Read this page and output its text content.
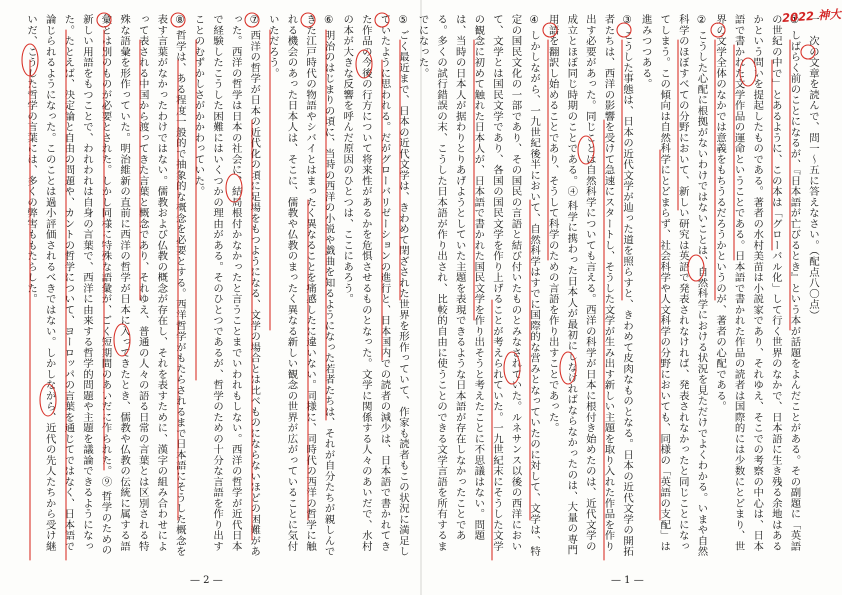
⑤ ごく最近まで、日本の近代文学は、きわめて閉ざされた世界を形作っていて、作家も読者もこの状況に満足していたように思われる。だがグローバリゼーションの進行と、日本国内での読者の減少は、日本語で書かれてきた作品の今後の行方について将来性があるかを危惧させるものとなった。文学に関係する人々のあいだで、水村の本が大きな反響を呼んだ原因のひとつは、ここにあろう。
⑥ 明治のはじまりの頃に、当時の西洋の小説や戯曲を知るようになった若者たちは、それが自分たちが親しんできた江戸時代の物語やシバイとはまったく異なることを痛感したに違いない。同様に、同時代の西洋の哲学に触れる機会のあった日本人は、そこに、儒教や仏教のまったく異なる新しい観念の世界が広がっていることに気付いただろう。
⑦ 西洋の哲学が日本の近代化の頃に足場をもつようになる、文学の場合とは比べものにならないほどの困難があった。西洋の哲学は日本の社会に、結局根付かなかったと言うことまでいわれもしない。西洋の哲学が近代日本で経験したこうした困難にはいくつかの理由がある。そのひとつであるが、哲学のための十分な言語を作り出すことのむずかしさがかかわっていた。
⑧ 哲学は、ある程度一般的で抽象的な概念を必要とする。西洋哲学がもたらされるまで日本語にそうした概念を表す言葉がなかったわけではない。儒教および仏教の概念が存在し、それを表すために、漢字の組み合わせによって表される中国から渡ってきた言葉と概念であり、それゆえ、普通の人々の語る日常の言葉とは区別される特殊な語彙を形作っていた。明治維新の直前に西洋の哲学が日本に入ってきたとき、儒教や仏教の伝統に属する語彙とは別のものが必要とされた。しかし同様に特殊な語彙が、ごく短期間のあいだに作られた。⑨ 哲学のための新しい用語をもつことで、われわれは自身の言葉で、西洋に由来する哲学的問題や主題を議論できるようになった。たとえば、決定論と自由の問題や、カントの哲学について、ヨーロッパの言葉を通じてではなく、日本語で論じられるようになった。このことは過小評価されるべきではない。しかしながら、近代の先人たちから受け継いだ、こうした哲学の言葉には、多くの弊害ももたらした。	一　次の文章を読んで、問一〜五に答えなさい。（配点八〇点）
① しばらく前のことになるが、『日本語が亡びるとき』という本が話題をよんだことがある。その副題に「英語の世紀の中で」とあるように、この本は「グローバル化」して行く世界のなかで、日本語に生き残る余地はあるかという問いを提起したものである。著者の水村美苗は小説家であり、それゆえ、そこでの考察の中心は、日本語で書かれた文学作品の運命ということである。日本語で書かれた作品の読者は国際的には少数にとどまり、世界の文学全体のなかでは意義をもちうるだろうかというのが、著者の心配である。
② こうした心配に根拠がないわけではないことは、自然科学における状況を見ただけでよくわかる。いまや自然科学のほぼすべての分野において、新しい研究は英語で発表されなければ、発表されなかったと同じことになってしまう。この傾向は自然科学にとどまらず、社会科学や人文科学の分野においても、同様の「英語の支配」は進みつつある。
③ こうした事態は、日本の近代文学が辿った道を照らすと、きわめて皮肉なものとなる。日本の近代文学の開拓者たちは、西洋の影響を受けて急速にスタートし、そうした文学が生み出す新しい主題を取り入れた作品を作り出す必要があった。同じことは自然科学についても言える。西洋の科学が日本に根付き始めたのは、近代文学の成立とほぼ同じ時期のことである。④ 科学に携わった日本人が最初にしなければならなかったのは、大量の専門用語を翻訳し始めることであり、そうして科学のための言語を作り出すことであった。
④ しかしながら、一九世紀後半において、自然科学はすでに国際的な営みとなっていたのに対して、文学は、特定の国民文化の一部であり、その国民の言語と結び付いたものとみなされていた。ルネサンス以後の西洋において、文学とは国民文学であり、各国の国民文学を作り上げることが考えられていた。一九世紀末にそうした文学の観念に初めて触れた日本人が、日本語で書かれた国民文学を作り出そうと考えたことに不思議はない。問題は、当時の日本人が据わりとりあげようとしていた主題を表現できるような日本語が存在しなかったことである。多くの試行錯誤の末、こうした日本語が作り出され、比較的自由に使うことのできる文学言語を所有するまでになった。
— 2 —	— 1 —
2022 神大
